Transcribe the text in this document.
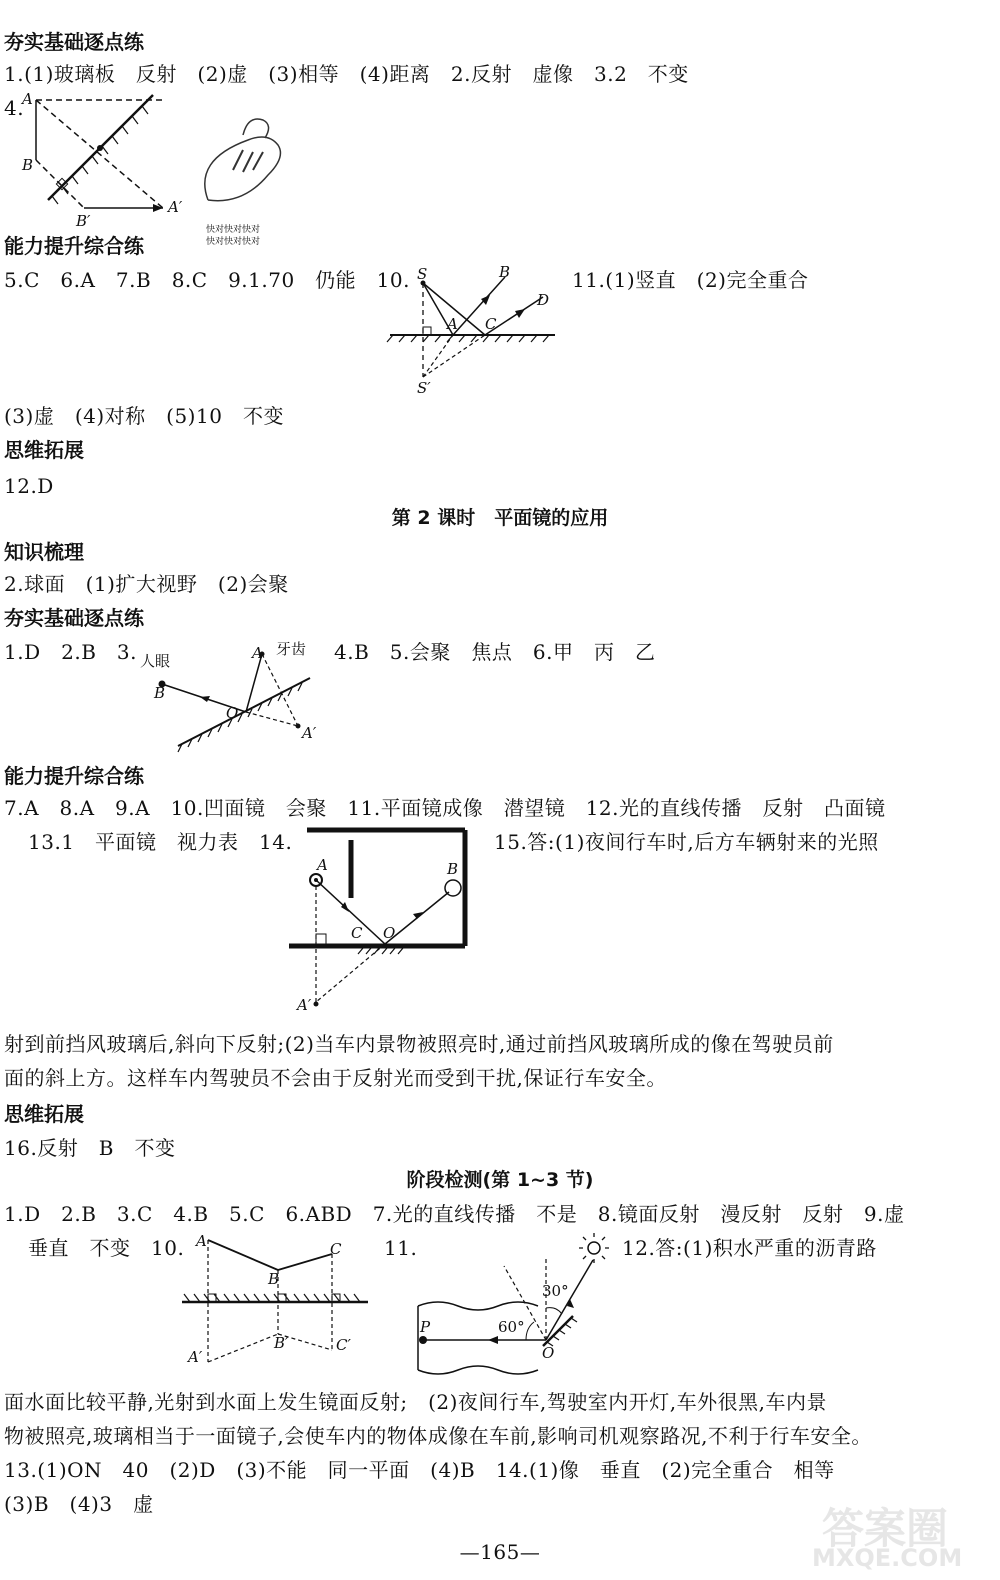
夯实基础逐点练
1.(1)玻璃板　反射　(2)虚　(3)相等　(4)距离　2.反射　虚像　3.2　不变
4.
A
B
B′
A′
快对快对快对
快对快对快对
能力提升综合练
5.C　6.A　7.B　8.C　9.1.70　仍能　10. S	B
D
A C
S′
11.(1)竖直　(2)完全重合
(3)虚　(4)对称　(5)10　不变
思维拓展
12.D
第 2 课时　平面镜的应用
知识梳理
2.球面　(1)扩大视野　(2)会聚
夯实基础逐点练
1.D　2.B　3. 人眼
牙齿
A
B
O
A′
4.B　5.会聚　焦点　6.甲　丙　乙
能力提升综合练
7.A　8.A　9.A　10.凹面镜　会聚　11.平面镜成像　潜望镜　12.光的直线传播　反射　凸面镜
13.1　平面镜　视力表　14.
A	B
C O
A′
15.答:(1)夜间行车时,后方车辆射来的光照
射到前挡风玻璃后,斜向下反射;(2)当车内景物被照亮时,通过前挡风玻璃所成的像在驾驶员前
面的斜上方。这样车内驾驶员不会由于反射光而受到干扰,保证行车安全。
思维拓展
16.反射　B　不变
阶段检测(第 1~3 节)
1.D　2.B　3.C　4.B　5.C　6.ABD　7.光的直线传播　不是　8.镜面反射　漫反射　反射　9.虚
垂直　不变　10. A
B
C
A′
B′	C′
11.
30°
60°
P
O
12.答:(1)积水严重的沥青路
面水面比较平静,光射到水面上发生镜面反射;　(2)夜间行车,驾驶室内开灯,车外很黑,车内景
物被照亮,玻璃相当于一面镜子,会使车内的物体成像在车前,影响司机观察路况,不利于行车安全。
13.(1)ON　40　(2)D　(3)不能　同一平面　(4)B　14.(1)像　垂直　(2)完全重合　相等
(3)B　(4)3　虚
—165—	答案圈
MXQE.COM
